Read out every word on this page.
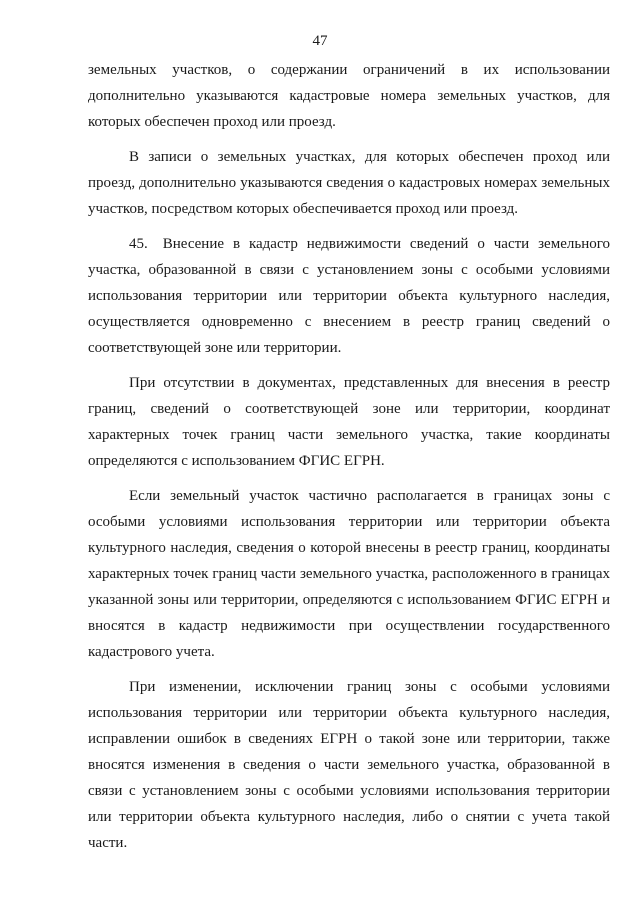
47

земельных участков, о содержании ограничений в их использовании дополнительно указываются кадастровые номера земельных участков, для которых обеспечен проход или проезд.

В записи о земельных участках, для которых обеспечен проход или проезд, дополнительно указываются сведения о кадастровых номерах земельных участков, посредством которых обеспечивается проход или проезд.

45. Внесение в кадастр недвижимости сведений о части земельного участка, образованной в связи с установлением зоны с особыми условиями использования территории или территории объекта культурного наследия, осуществляется одновременно с внесением в реестр границ сведений о соответствующей зоне или территории.

При отсутствии в документах, представленных для внесения в реестр границ, сведений о соответствующей зоне или территории, координат характерных точек границ части земельного участка, такие координаты определяются с использованием ФГИС ЕГРН.

Если земельный участок частично располагается в границах зоны с особыми условиями использования территории или территории объекта культурного наследия, сведения о которой внесены в реестр границ, координаты характерных точек границ части земельного участка, расположенного в границах указанной зоны или территории, определяются с использованием ФГИС ЕГРН и вносятся в кадастр недвижимости при осуществлении государственного кадастрового учета.

При изменении, исключении границ зоны с особыми условиями использования территории или территории объекта культурного наследия, исправлении ошибок в сведениях ЕГРН о такой зоне или территории, также вносятся изменения в сведения о части земельного участка, образованной в связи с установлением зоны с особыми условиями использования территории или территории объекта культурного наследия, либо о снятии с учета такой части.
